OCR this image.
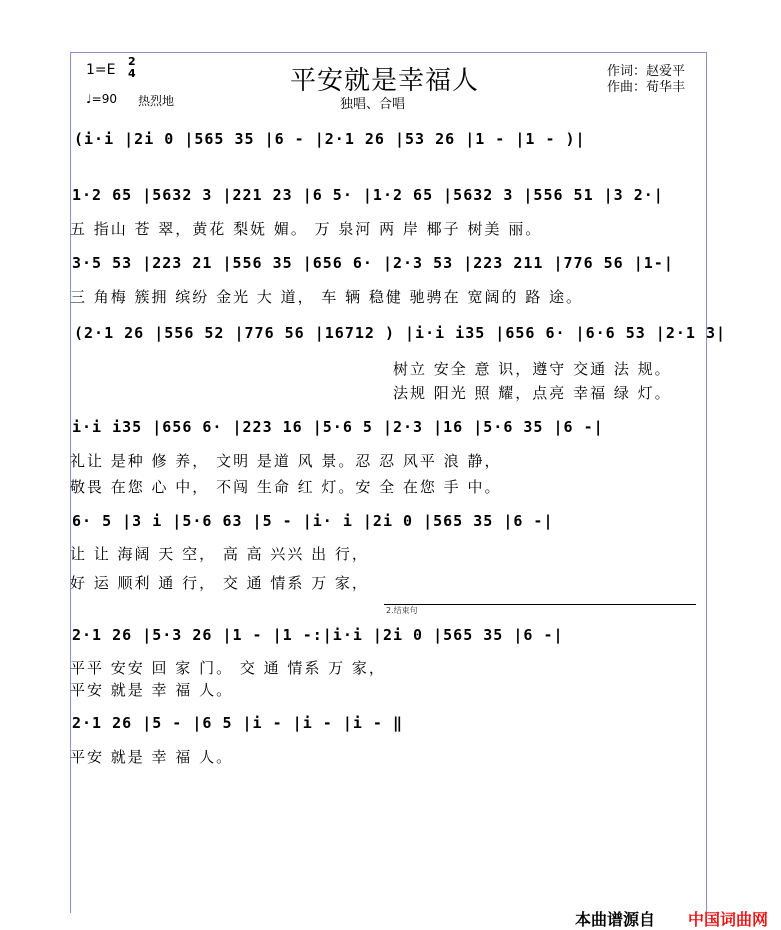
平安就是幸福人
独唱、合唱
作词：赵爱平
作曲：荀华丰
1=E
2
4
♩=90 热烈地
(i·i |2i 0 |565 35 |6 - |2·1 26 |53 26 |1 - |1 - )|
1·2 65 |5632 3 |221 23 |6 5· |1·2 65 |5632 3 |556 51 |3 2·|
五 指山 苍 翠，黄花 梨妩 媚。 万 泉河 两 岸 椰子 树美 丽。
3·5 53 |223 21 |556 35 |656 6· |2·3 53 |223 211 |776 56 |1-|
三 角梅 簇拥 缤纷 金光 大 道， 车 辆 稳健 驰骋在 宽阔的 路 途。
(2·1 26 |556 52 |776 56 |16712 ) |i·i i35 |656 6· |6·6 53 |2·1 3|
树立 安全 意 识，遵守 交通 法 规。
法规 阳光 照 耀，点亮 幸福 绿 灯。
i·i i35 |656 6· |223 16 |5·6 5 |2·3 |16 |5·6 35 |6 -|
礼让 是种 修 养， 文明 是道 风 景。忍 忍 风平 浪 静，
敬畏 在您 心 中， 不闯 生命 红 灯。安 全 在您 手 中。
6· 5 |3 i |5·6 63 |5 - |i· i |2i 0 |565 35 |6 -|
让 让 海阔 天 空， 高 高 兴兴 出 行，
好 运 顺利 通 行， 交 通 情系 万 家，
2.结束句
2·1 26 |5·3 26 |1 - |1 -:|i·i |2i 0 |565 35 |6 -|
平平 安安 回 家 门。 交 通 情系 万 家，
平安 就是 幸 福 人。
2·1 26 |5 - |6 5 |i - |i - |i - ‖
平安 就是 幸 福 人。
本曲谱源自 中国词曲网
